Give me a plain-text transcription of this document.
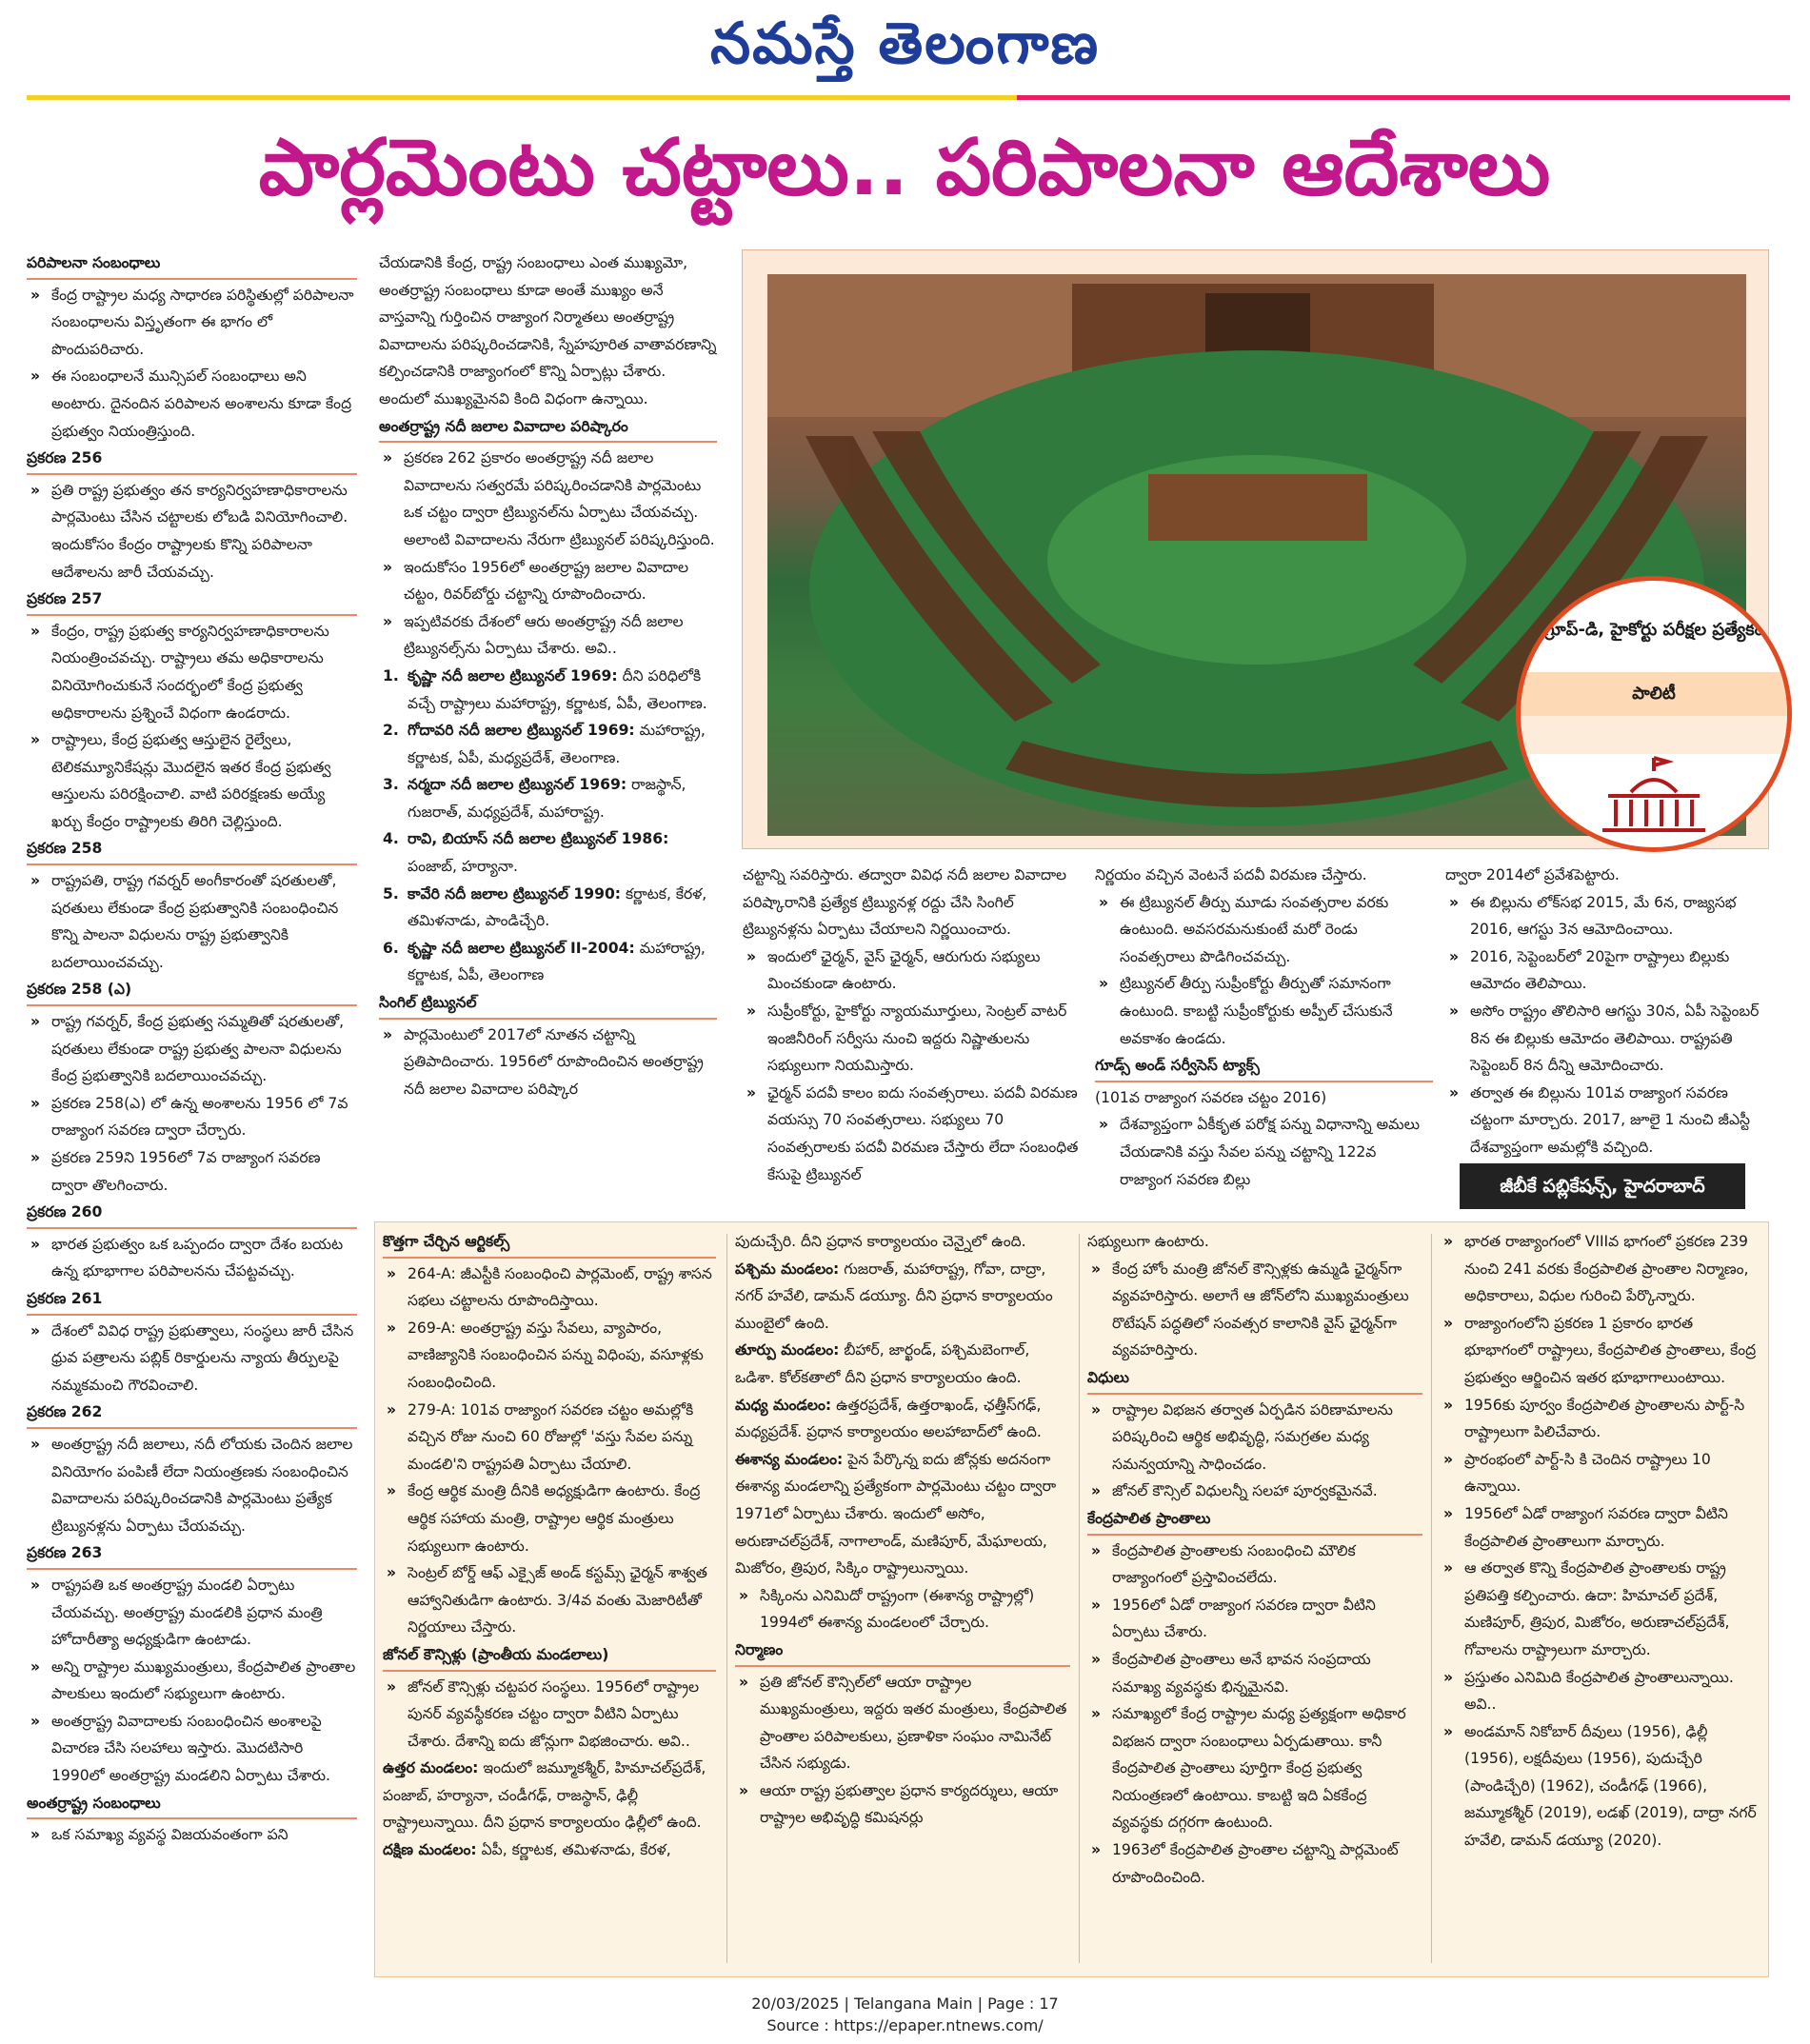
నమస్తే తెలంగాణ
పార్లమెంటు చట్టాలు.. పరిపాలనా ఆదేశాలు

పరిపాలనా సంబంధాలు

» కేంద్ర రాష్ట్రాల మధ్య సాధారణ పరిస్థితుల్లో పరిపాలనా సంబంధాలను విస్తృతంగా ఈ భాగం లో పొందుపరిచారు.

» ఈ సంబంధాలనే మున్సిపల్ సంబంధాలు అని అంటారు. దైనందిన పరిపాలన అంశాలను కూడా కేంద్ర ప్రభుత్వం నియంత్రిస్తుంది.

ప్రకరణ 256

» ప్రతి రాష్ట్ర ప్రభుత్వం తన కార్యనిర్వహణాధికారాలను పార్లమెంటు చేసిన చట్టాలకు లోబడి వినియోగించాలి. ఇందుకోసం కేంద్రం రాష్ట్రాలకు కొన్ని పరిపాలనా ఆదేశాలను జారీ చేయవచ్చు.

ప్రకరణ 257

» కేంద్రం, రాష్ట్ర ప్రభుత్వ కార్యనిర్వహణాధికారాలను నియంత్రించవచ్చు. రాష్ట్రాలు తమ అధికారాలను వినియోగించుకునే సందర్భంలో కేంద్ర ప్రభుత్వ అధికారాలను ప్రశ్నించే విధంగా ఉండరాదు.

» రాష్ట్రాలు, కేంద్ర ప్రభుత్వ ఆస్తులైన రైల్వేలు, టెలికమ్యూనికేషన్లు మొదలైన ఇతర కేంద్ర ప్రభుత్వ ఆస్తులను పరిరక్షించాలి. వాటి పరిరక్షణకు అయ్యే ఖర్చు కేంద్రం రాష్ట్రాలకు తిరిగి చెల్లిస్తుంది.

ప్రకరణ 258

» రాష్ట్రపతి, రాష్ట్ర గవర్నర్ అంగీకారంతో షరతులతో, షరతులు లేకుండా కేంద్ర ప్రభుత్వానికి సంబంధించిన కొన్ని పాలనా విధులను రాష్ట్ర ప్రభుత్వానికి బదలాయించవచ్చు.

ప్రకరణ 258 (ఎ)

» రాష్ట్ర గవర్నర్, కేంద్ర ప్రభుత్వ సమ్మతితో షరతులతో, షరతులు లేకుండా రాష్ట్ర ప్రభుత్వ పాలనా విధులను కేంద్ర ప్రభుత్వానికి బదలాయించవచ్చు.

» ప్రకరణ 258(ఎ) లో ఉన్న అంశాలను 1956 లో 7వ రాజ్యాంగ సవరణ ద్వారా చేర్చారు.

» ప్రకరణ 259ని 1956లో 7వ రాజ్యాంగ సవరణ ద్వారా తొలగించారు.

ప్రకరణ 260

» భారత ప్రభుత్వం ఒక ఒప్పందం ద్వారా దేశం బయట ఉన్న భూభాగాల పరిపాలనను చేపట్టవచ్చు.

ప్రకరణ 261

» దేశంలో వివిధ రాష్ట్ర ప్రభుత్వాలు, సంస్థలు జారీ చేసిన ధ్రువ పత్రాలను పబ్లిక్ రికార్డులను న్యాయ తీర్పులపై నమ్మకమంచి గౌరవించాలి.

ప్రకరణ 262

» అంతర్రాష్ట్ర నదీ జలాలు, నదీ లోయకు చెందిన జలాల వినియోగం పంపిణీ లేదా నియంత్రణకు సంబంధించిన వివాదాలను పరిష్కరించడానికి పార్లమెంటు ప్రత్యేక ట్రిబ్యునళ్లను ఏర్పాటు చేయవచ్చు.

ప్రకరణ 263

» రాష్ట్రపతి ఒక అంతర్రాష్ట్ర మండలి ఏర్పాటు చేయవచ్చు. అంతర్రాష్ట్ర మండలికి ప్రధాన మంత్రి హోదారీత్యా అధ్యక్షుడిగా ఉంటాడు.

» అన్ని రాష్ట్రాల ముఖ్యమంత్రులు, కేంద్రపాలిత ప్రాంతాల పాలకులు ఇందులో సభ్యులుగా ఉంటారు.

» అంతర్రాష్ట్ర వివాదాలకు సంబంధించిన అంశాలపై విచారణ చేసి సలహాలు ఇస్తారు. మొదటిసారి 1990లో అంతర్రాష్ట్ర మండలిని ఏర్పాటు చేశారు.

అంతర్రాష్ట్ర సంబంధాలు

» ఒక సమాఖ్య వ్యవస్థ విజయవంతంగా పని

చేయడానికి కేంద్ర, రాష్ట్ర సంబంధాలు ఎంత ముఖ్యమో, అంతర్రాష్ట్ర సంబంధాలు కూడా అంతే ముఖ్యం అనే వాస్తవాన్ని గుర్తించిన రాజ్యాంగ నిర్మాతలు అంతర్రాష్ట్ర వివాదాలను పరిష్కరించడానికి, స్నేహపూరిత వాతావరణాన్ని కల్పించడానికి రాజ్యాంగంలో కొన్ని ఏర్పాట్లు చేశారు. అందులో ముఖ్యమైనవి కింది విధంగా ఉన్నాయి.

అంతర్రాష్ట్ర నదీ జలాల వివాదాల పరిష్కారం

» ప్రకరణ 262 ప్రకారం అంతర్రాష్ట్ర నదీ జలాల వివాదాలను సత్వరమే పరిష్కరించడానికి పార్లమెంటు ఒక చట్టం ద్వారా ట్రిబ్యునల్‌ను ఏర్పాటు చేయవచ్చు. అలాంటి వివాదాలను నేరుగా ట్రిబ్యునల్ పరిష్కరిస్తుంది.

» ఇందుకోసం 1956లో అంతర్రాష్ట్ర జలాల వివాదాల చట్టం, రివర్‌బోర్డు చట్టాన్ని రూపొందించారు.

» ఇప్పటివరకు దేశంలో ఆరు అంతర్రాష్ట్ర నదీ జలాల ట్రిబ్యునల్స్‌ను ఏర్పాటు చేశారు. అవి..

1. కృష్ణా నదీ జలాల ట్రిబ్యునల్ 1969: దీని పరిధిలోకి వచ్చే రాష్ట్రాలు మహారాష్ట్ర, కర్ణాటక, ఏపీ, తెలంగాణ.

2. గోదావరి నదీ జలాల ట్రిబ్యునల్ 1969: మహారాష్ట్ర, కర్ణాటక, ఏపీ, మధ్యప్రదేశ్, తెలంగాణ.

3. నర్మదా నదీ జలాల ట్రిబ్యునల్ 1969: రాజస్థాన్, గుజరాత్, మధ్యప్రదేశ్, మహారాష్ట్ర.

4. రావి, బియాస్ నదీ జలాల ట్రిబ్యునల్ 1986: పంజాబ్, హర్యానా.

5. కావేరి నదీ జలాల ట్రిబ్యునల్ 1990: కర్ణాటక, కేరళ, తమిళనాడు, పాండిచ్చేరి.

6. కృష్ణా నదీ జలాల ట్రిబ్యునల్ II-2004: మహారాష్ట్ర, కర్ణాటక, ఏపీ, తెలంగాణ

సింగిల్ ట్రిబ్యునల్

» పార్లమెంటులో 2017లో నూతన చట్టాన్ని ప్రతిపాదించారు. 1956లో రూపొందించిన అంతర్రాష్ట్ర నదీ జలాల వివాదాల పరిష్కార

గ్రూప్-డి, హైకోర్టు పరీక్షల ప్రత్యేకం
పాలిటీ

చట్టాన్ని సవరిస్తారు. తద్వారా వివిధ నదీ జలాల వివాదాల పరిష్కారానికి ప్రత్యేక ట్రిబ్యునళ్ల రద్దు చేసి సింగిల్ ట్రిబ్యునళ్లను ఏర్పాటు చేయాలని నిర్ణయించారు.

» ఇందులో ఛైర్మన్, వైస్ ఛైర్మన్, ఆరుగురు సభ్యులు మించకుండా ఉంటారు.

» సుప్రీంకోర్టు, హైకోర్టు న్యాయమూర్తులు, సెంట్రల్ వాటర్ ఇంజినీరింగ్ సర్వీసు నుంచి ఇద్దరు నిష్ణాతులను సభ్యులుగా నియమిస్తారు.

» ఛైర్మన్ పదవీ కాలం ఐదు సంవత్సరాలు. పదవీ విరమణ వయస్సు 70 సంవత్సరాలు. సభ్యులు 70 సంవత్సరాలకు పదవీ విరమణ చేస్తారు లేదా సంబంధిత కేసుపై ట్రిబ్యునల్

నిర్ణయం వచ్చిన వెంటనే పదవీ విరమణ చేస్తారు.

» ఈ ట్రిబ్యునల్ తీర్పు మూడు సంవత్సరాల వరకు ఉంటుంది. అవసరమనుకుంటే మరో రెండు సంవత్సరాలు పొడిగించవచ్చు.

» ట్రిబ్యునల్ తీర్పు సుప్రీంకోర్టు తీర్పుతో సమానంగా ఉంటుంది. కాబట్టి సుప్రీంకోర్టుకు అప్పీల్ చేసుకునే అవకాశం ఉండదు.

గూడ్స్ అండ్ సర్వీసెస్ ట్యాక్స్

(101వ రాజ్యాంగ సవరణ చట్టం 2016)

» దేశవ్యాప్తంగా ఏకీకృత పరోక్ష పన్ను విధానాన్ని అమలు చేయడానికి వస్తు సేవల పన్ను చట్టాన్ని 122వ రాజ్యాంగ సవరణ బిల్లు

ద్వారా 2014లో ప్రవేశపెట్టారు.

» ఈ బిల్లును లోక్‌సభ 2015, మే 6న, రాజ్యసభ 2016, ఆగస్టు 3న ఆమోదించాయి.

» 2016, సెప్టెంబర్‌లో 20పైగా రాష్ట్రాలు బిల్లుకు ఆమోదం తెలిపాయి.

» అసోం రాష్ట్రం తొలిసారి ఆగస్టు 30న, ఏపీ సెప్టెంబర్ 8న ఈ బిల్లుకు ఆమోదం తెలిపాయి. రాష్ట్రపతి సెప్టెంబర్ 8న దీన్ని ఆమోదించారు.

» తర్వాత ఈ బిల్లును 101వ రాజ్యాంగ సవరణ చట్టంగా మార్చారు. 2017, జూలై 1 నుంచి జీఎస్టీ దేశవ్యాప్తంగా అమల్లోకి వచ్చింది.

జీబీకే పబ్లికేషన్స్, హైదరాబాద్

కొత్తగా చేర్చిన ఆర్టికల్స్

» 264-A: జీఎస్టీకి సంబంధించి పార్లమెంట్, రాష్ట్ర శాసన సభలు చట్టాలను రూపొందిస్తాయి.

» 269-A: అంతర్రాష్ట్ర వస్తు సేవలు, వ్యాపారం, వాణిజ్యానికి సంబంధించిన పన్ను విధింపు, వసూళ్లకు సంబంధించింది.

» 279-A: 101వ రాజ్యాంగ సవరణ చట్టం అమల్లోకి వచ్చిన రోజు నుంచి 60 రోజుల్లో 'వస్తు సేవల పన్ను మండలి'ని రాష్ట్రపతి ఏర్పాటు చేయాలి.

» కేంద్ర ఆర్థిక మంత్రి దీనికి అధ్యక్షుడిగా ఉంటారు. కేంద్ర ఆర్థిక సహాయ మంత్రి, రాష్ట్రాల ఆర్థిక మంత్రులు సభ్యులుగా ఉంటారు.

» సెంట్రల్ బోర్డ్ ఆఫ్ ఎక్సైజ్ అండ్ కస్టమ్స్ ఛైర్మన్ శాశ్వత ఆహ్వానితుడిగా ఉంటారు. 3/4వ వంతు మెజారిటీతో నిర్ణయాలు చేస్తారు.

జోనల్ కౌన్సిళ్లు (ప్రాంతీయ మండలాలు)

» జోనల్ కౌన్సిళ్లు చట్టపర సంస్థలు. 1956లో రాష్ట్రాల పునర్ వ్యవస్థీకరణ చట్టం ద్వారా వీటిని ఏర్పాటు చేశారు. దేశాన్ని ఐదు జోన్లుగా విభజించారు. అవి..

ఉత్తర మండలం: ఇందులో జమ్మూకశ్మీర్, హిమాచల్‌ప్రదేశ్, పంజాబ్, హర్యానా, చండీగఢ్, రాజస్థాన్, ఢిల్లీ రాష్ట్రాలున్నాయి. దీని ప్రధాన కార్యాలయం ఢిల్లీలో ఉంది.

దక్షిణ మండలం: ఏపీ, కర్ణాటక, తమిళనాడు, కేరళ,

పుదుచ్చేరి. దీని ప్రధాన కార్యాలయం చెన్నైలో ఉంది.

పశ్చిమ మండలం: గుజరాత్, మహారాష్ట్ర, గోవా, దాద్రా, నగర్ హవేలి, డామన్ డయ్యూ. దీని ప్రధాన కార్యాలయం ముంబైలో ఉంది.

తూర్పు మండలం: బీహార్, జార్ఖండ్, పశ్చిమబెంగాల్, ఒడిశా. కోల్‌కతాలో దీని ప్రధాన కార్యాలయం ఉంది.

మధ్య మండలం: ఉత్తరప్రదేశ్, ఉత్తరాఖండ్, ఛత్తీస్‌గఢ్, మధ్యప్రదేశ్. ప్రధాన కార్యాలయం అలహాబాద్‌లో ఉంది.

ఈశాన్య మండలం: పైన పేర్కొన్న ఐదు జోన్లకు అదనంగా ఈశాన్య మండలాన్ని ప్రత్యేకంగా పార్లమెంటు చట్టం ద్వారా 1971లో ఏర్పాటు చేశారు. ఇందులో అసోం, అరుణాచల్‌ప్రదేశ్, నాగాలాండ్, మణిపూర్, మేఘాలయ, మిజోరం, త్రిపుర, సిక్కిం రాష్ట్రాలున్నాయి.

» సిక్కింను ఎనిమిదో రాష్ట్రంగా (ఈశాన్య రాష్ట్రాల్లో) 1994లో ఈశాన్య మండలంలో చేర్చారు.

నిర్మాణం

» ప్రతి జోనల్ కౌన్సిల్‌లో ఆయా రాష్ట్రాల ముఖ్యమంత్రులు, ఇద్దరు ఇతర మంత్రులు, కేంద్రపాలిత ప్రాంతాల పరిపాలకులు, ప్రణాళికా సంఘం నామినేట్ చేసిన సభ్యుడు.

» ఆయా రాష్ట్ర ప్రభుత్వాల ప్రధాన కార్యదర్శులు, ఆయా రాష్ట్రాల అభివృద్ధి కమిషనర్లు

సభ్యులుగా ఉంటారు.

» కేంద్ర హోం మంత్రి జోనల్ కౌన్సిళ్లకు ఉమ్మడి ఛైర్మన్‌గా వ్యవహరిస్తారు. అలాగే ఆ జోన్‌లోని ముఖ్యమంత్రులు రొటేషన్ పద్ధతిలో సంవత్సర కాలానికి వైస్ ఛైర్మన్‌గా వ్యవహరిస్తారు.

విధులు

» రాష్ట్రాల విభజన తర్వాత ఏర్పడిన పరిణామాలను పరిష్కరించి ఆర్థిక అభివృద్ధి, సమగ్రతల మధ్య సమన్వయాన్ని సాధించడం.

» జోనల్ కౌన్సిల్ విధులన్నీ సలహా పూర్వకమైనవే.

కేంద్రపాలిత ప్రాంతాలు

» కేంద్రపాలిత ప్రాంతాలకు సంబంధించి మౌలిక రాజ్యాంగంలో ప్రస్తావించలేదు.

» 1956లో ఏడో రాజ్యాంగ సవరణ ద్వారా వీటిని ఏర్పాటు చేశారు.

» కేంద్రపాలిత ప్రాంతాలు అనే భావన సంప్రదాయ సమాఖ్య వ్యవస్థకు భిన్నమైనవి.

» సమాఖ్యలో కేంద్ర రాష్ట్రాల మధ్య ప్రత్యక్షంగా అధికార విభజన ద్వారా సంబంధాలు ఏర్పడుతాయి. కానీ కేంద్రపాలిత ప్రాంతాలు పూర్తిగా కేంద్ర ప్రభుత్వ నియంత్రణలో ఉంటాయి. కాబట్టి ఇది ఏకకేంద్ర వ్యవస్థకు దగ్గరగా ఉంటుంది.

» 1963లో కేంద్రపాలిత ప్రాంతాల చట్టాన్ని పార్లమెంట్ రూపొందించింది.

» భారత రాజ్యాంగంలో VIIIవ భాగంలో ప్రకరణ 239 నుంచి 241 వరకు కేంద్రపాలిత ప్రాంతాల నిర్మాణం, అధికారాలు, విధుల గురించి పేర్కొన్నారు.

» రాజ్యాంగంలోని ప్రకరణ 1 ప్రకారం భారత భూభాగంలో రాష్ట్రాలు, కేంద్రపాలిత ప్రాంతాలు, కేంద్ర ప్రభుత్వం ఆర్జించిన ఇతర భూభాగాలుంటాయి.

» 1956కు పూర్వం కేంద్రపాలిత ప్రాంతాలను పార్ట్-సి రాష్ట్రాలుగా పిలిచేవారు.

» ప్రారంభంలో పార్ట్-సి కి చెందిన రాష్ట్రాలు 10 ఉన్నాయి.

» 1956లో ఏడో రాజ్యాంగ సవరణ ద్వారా వీటిని కేంద్రపాలిత ప్రాంతాలుగా మార్చారు.

» ఆ తర్వాత కొన్ని కేంద్రపాలిత ప్రాంతాలకు రాష్ట్ర ప్రతిపత్తి కల్పించారు. ఉదా: హిమాచల్ ప్రదేశ్, మణిపూర్, త్రిపుర, మిజోరం, అరుణాచల్‌ప్రదేశ్, గోవాలను రాష్ట్రాలుగా మార్చారు.

» ప్రస్తుతం ఎనిమిది కేంద్రపాలిత ప్రాంతాలున్నాయి. అవి..

» అండమాన్ నికోబార్ దీవులు (1956), ఢిల్లీ (1956), లక్షదీవులు (1956), పుదుచ్చేరి (పాండిచ్చేరి) (1962), చండీగఢ్ (1966), జమ్మూకశ్మీర్ (2019), లడఖ్ (2019), దాద్రా నగర్ హవేలి, డామన్ డయ్యూ (2020).

20/03/2025 | Telangana Main | Page : 17
Source : https://epaper.ntnews.com/
